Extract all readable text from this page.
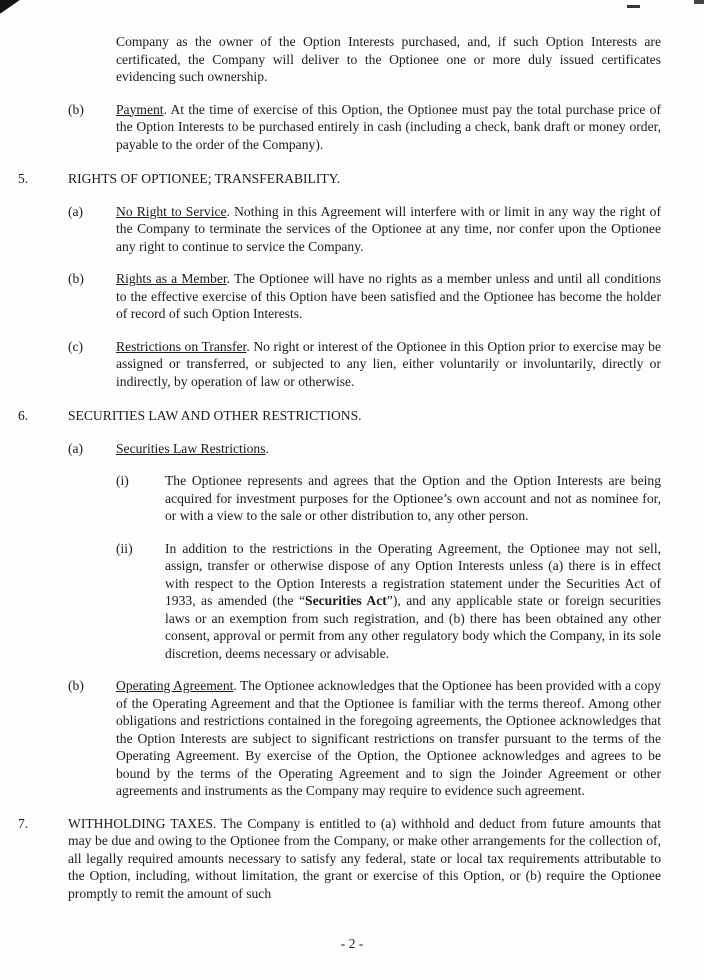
Company as the owner of the Option Interests purchased, and, if such Option Interests are certificated, the Company will deliver to the Optionee one or more duly issued certificates evidencing such ownership.

(b) Payment. At the time of exercise of this Option, the Optionee must pay the total purchase price of the Option Interests to be purchased entirely in cash (including a check, bank draft or money order, payable to the order of the Company).

5.	RIGHTS OF OPTIONEE; TRANSFERABILITY.

(a) No Right to Service. Nothing in this Agreement will interfere with or limit in any way the right of the Company to terminate the services of the Optionee at any time, nor confer upon the Optionee any right to continue to service the Company.

(b) Rights as a Member. The Optionee will have no rights as a member unless and until all conditions to the effective exercise of this Option have been satisfied and the Optionee has become the holder of record of such Option Interests.

(c) Restrictions on Transfer. No right or interest of the Optionee in this Option prior to exercise may be assigned or transferred, or subjected to any lien, either voluntarily or involuntarily, directly or indirectly, by operation of law or otherwise.

6.	SECURITIES LAW AND OTHER RESTRICTIONS.

(a) Securities Law Restrictions.

(i)	The Optionee represents and agrees that the Option and the Option Interests are being acquired for investment purposes for the Optionee’s own account and not as nominee for, or with a view to the sale or other distribution to, any other person.

(ii) In addition to the restrictions in the Operating Agreement, the Optionee may not sell, assign, transfer or otherwise dispose of any Option Interests unless (a) there is in effect with respect to the Option Interests a registration statement under the Securities Act of 1933, as amended (the “Securities Act”), and any applicable state or foreign securities laws or an exemption from such registration, and (b) there has been obtained any other consent, approval or permit from any other regulatory body which the Company, in its sole discretion, deems necessary or advisable.

(b) Operating Agreement. The Optionee acknowledges that the Optionee has been provided with a copy of the Operating Agreement and that the Optionee is familiar with the terms thereof. Among other obligations and restrictions contained in the foregoing agreements, the Optionee acknowledges that the Option Interests are subject to significant restrictions on transfer pursuant to the terms of the Operating Agreement. By exercise of the Option, the Optionee acknowledges and agrees to be bound by the terms of the Operating Agreement and to sign the Joinder Agreement or other agreements and instruments as the Company may require to evidence such agreement.

7.	WITHHOLDING TAXES. The Company is entitled to (a) withhold and deduct from future amounts that may be due and owing to the Optionee from the Company, or make other arrangements for the collection of, all legally required amounts necessary to satisfy any federal, state or local tax requirements attributable to the Option, including, without limitation, the grant or exercise of this Option, or (b) require the Optionee promptly to remit the amount of such

- 2 -
